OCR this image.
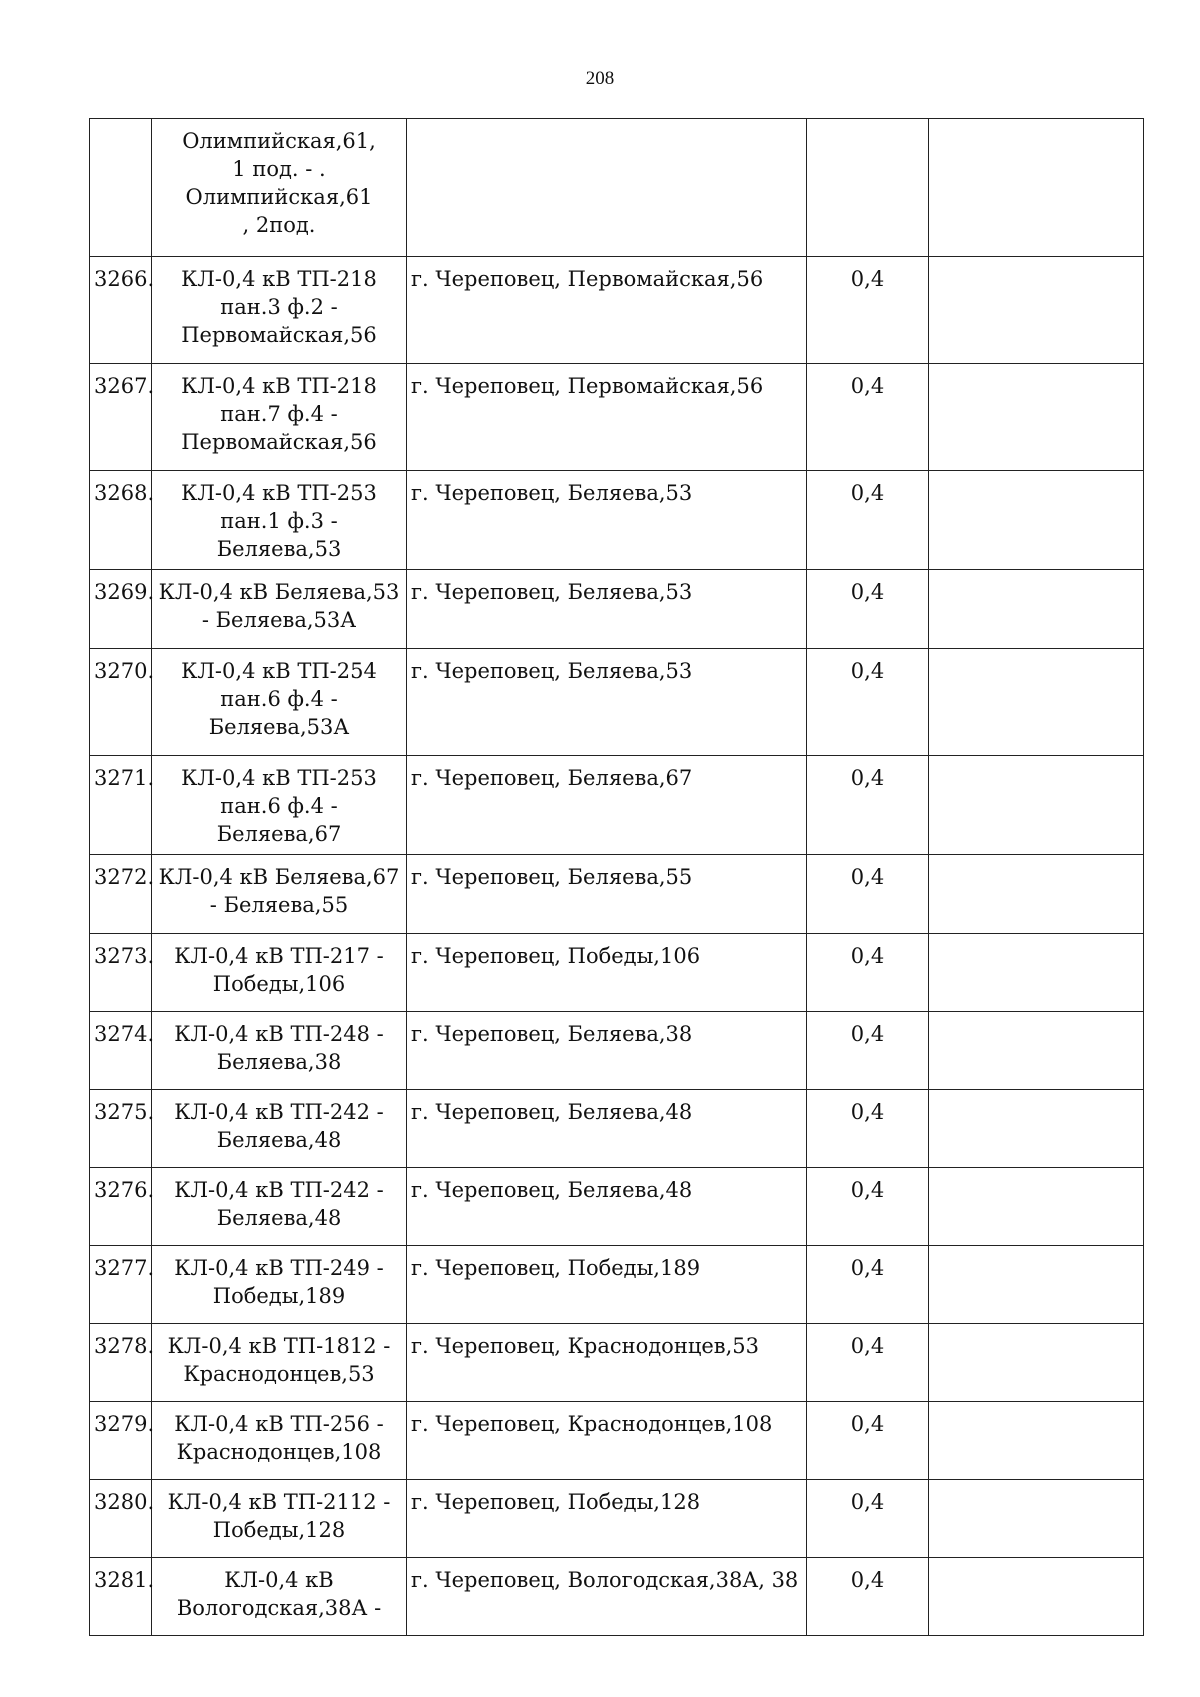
208
	Олимпийская,61, 1 под. - . Олимпийская,61 , 2под.			
3266.	КЛ-0,4 кВ ТП-218 пан.3 ф.2 - Первомайская,56	г. Череповец, Первомайская,56	0,4	
3267.	КЛ-0,4 кВ ТП-218 пан.7 ф.4 - Первомайская,56	г. Череповец, Первомайская,56	0,4	
3268.	КЛ-0,4 кВ ТП-253 пан.1 ф.3 - Беляева,53	г. Череповец, Беляева,53	0,4	
3269.	КЛ-0,4 кВ Беляева,53 - Беляева,53А	г. Череповец, Беляева,53	0,4	
3270.	КЛ-0,4 кВ ТП-254 пан.6 ф.4 - Беляева,53А	г. Череповец, Беляева,53	0,4	
3271.	КЛ-0,4 кВ ТП-253 пан.6 ф.4 - Беляева,67	г. Череповец, Беляева,67	0,4	
3272.	КЛ-0,4 кВ Беляева,67 - Беляева,55	г. Череповец, Беляева,55	0,4	
3273.	КЛ-0,4 кВ ТП-217 - Победы,106	г. Череповец, Победы,106	0,4	
3274.	КЛ-0,4 кВ ТП-248 - Беляева,38	г. Череповец, Беляева,38	0,4	
3275.	КЛ-0,4 кВ ТП-242 - Беляева,48	г. Череповец, Беляева,48	0,4	
3276.	КЛ-0,4 кВ ТП-242 - Беляева,48	г. Череповец, Беляева,48	0,4	
3277.	КЛ-0,4 кВ ТП-249 - Победы,189	г. Череповец, Победы,189	0,4	
3278.	КЛ-0,4 кВ ТП-1812 - Краснодонцев,53	г. Череповец, Краснодонцев,53	0,4	
3279.	КЛ-0,4 кВ ТП-256 - Краснодонцев,108	г. Череповец, Краснодонцев,108	0,4	
3280.	КЛ-0,4 кВ ТП-2112 - Победы,128	г. Череповец, Победы,128	0,4	
3281.	КЛ-0,4 кВ Вологодская,38А -	г. Череповец, Вологодская,38А, 38	0,4	
